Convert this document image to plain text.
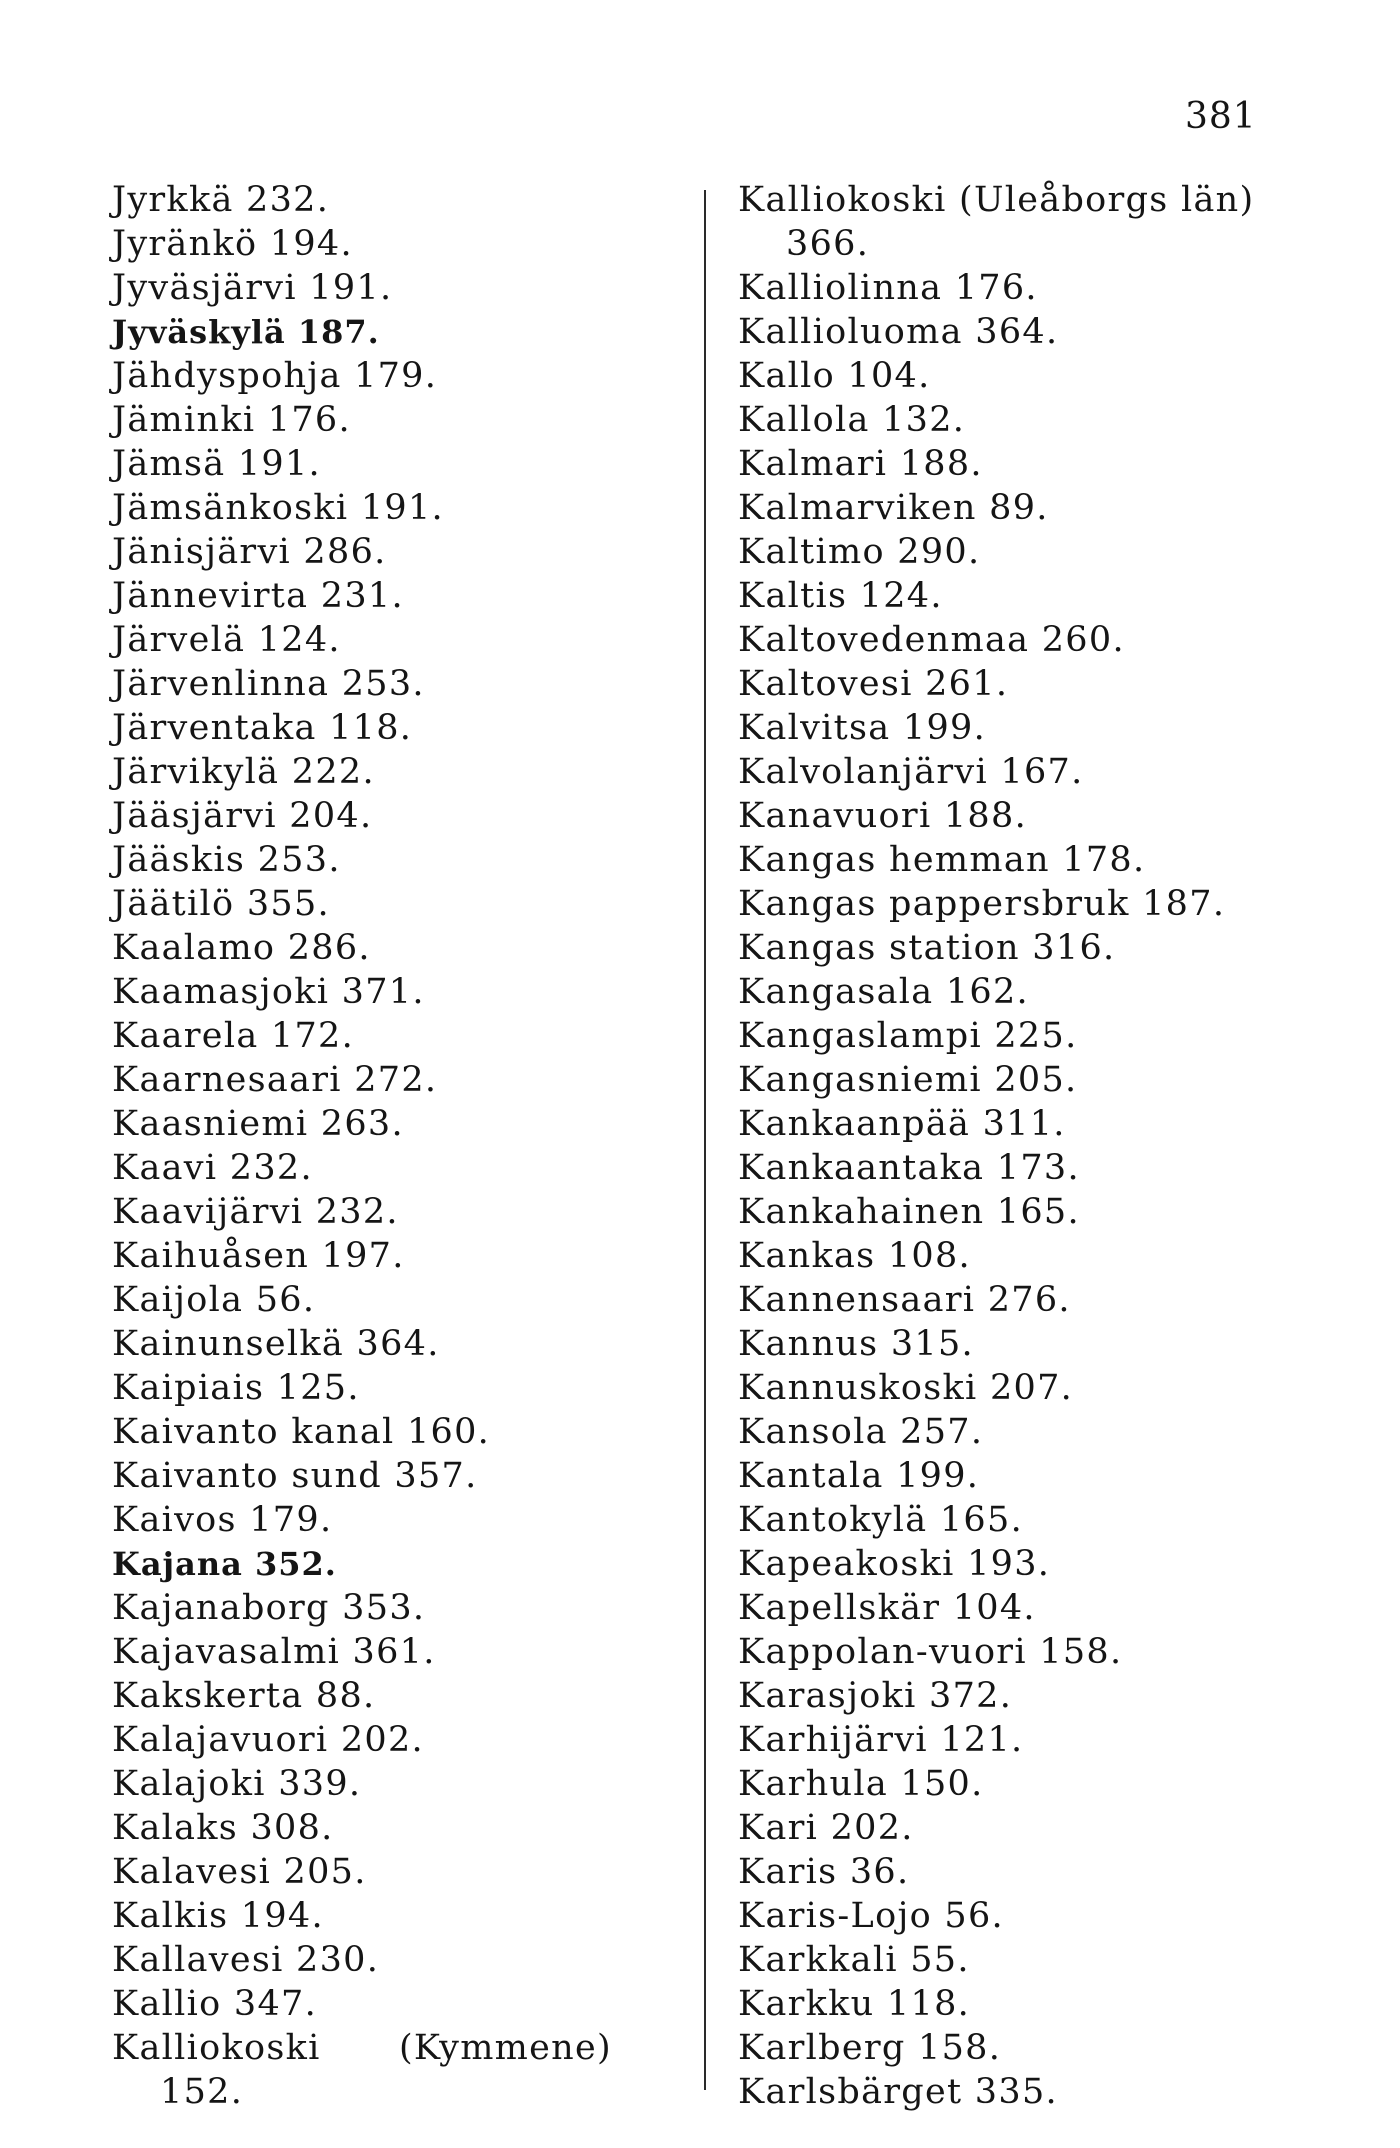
381
Jyrkkä 232.
Jyränkö 194.
Jyväsjärvi 191.
Jyväskylä 187.
Jähdyspohja 179.
Jäminki 176.
Jämsä 191.
Jämsänkoski 191.
Jänisjärvi 286.
Jännevirta 231.
Järvelä 124.
Järvenlinna 253.
Järventaka 118.
Järvikylä 222.
Jääsjärvi 204.
Jääskis 253.
Jäätilö 355.
Kaalamo 286.
Kaamasjoki 371.
Kaarela 172.
Kaarnesaari 272.
Kaasniemi 263.
Kaavi 232.
Kaavijärvi 232.
Kaihuåsen 197.
Kaijola 56.
Kainunselkä 364.
Kaipiais 125.
Kaivanto kanal 160.
Kaivanto sund 357.
Kaivos 179.
Kajana 352.
Kajanaborg 353.
Kajavasalmi 361.
Kakskerta 88.
Kalajavuori 202.
Kalajoki 339.
Kalaks 308.
Kalavesi 205.
Kalkis 194.
Kallavesi 230.
Kallio 347.
Kalliokoski (Kymmene)
152.
Kalliokoski (Uleåborgs län)
366.
Kalliolinna 176.
Kallioluoma 364.
Kallo 104.
Kallola 132.
Kalmari 188.
Kalmarviken 89.
Kaltimo 290.
Kaltis 124.
Kaltovedenmaa 260.
Kaltovesi 261.
Kalvitsa 199.
Kalvolanjärvi 167.
Kanavuori 188.
Kangas hemman 178.
Kangas pappersbruk 187.
Kangas station 316.
Kangasala 162.
Kangaslampi 225.
Kangasniemi 205.
Kankaanpää 311.
Kankaantaka 173.
Kankahainen 165.
Kankas 108.
Kannensaari 276.
Kannus 315.
Kannuskoski 207.
Kansola 257.
Kantala 199.
Kantokylä 165.
Kapeakoski 193.
Kapellskär 104.
Kappolan-vuori 158.
Karasjoki 372.
Karhijärvi 121.
Karhula 150.
Kari 202.
Karis 36.
Karis-Lojo 56.
Karkkali 55.
Karkku 118.
Karlberg 158.
Karlsbärget 335.
